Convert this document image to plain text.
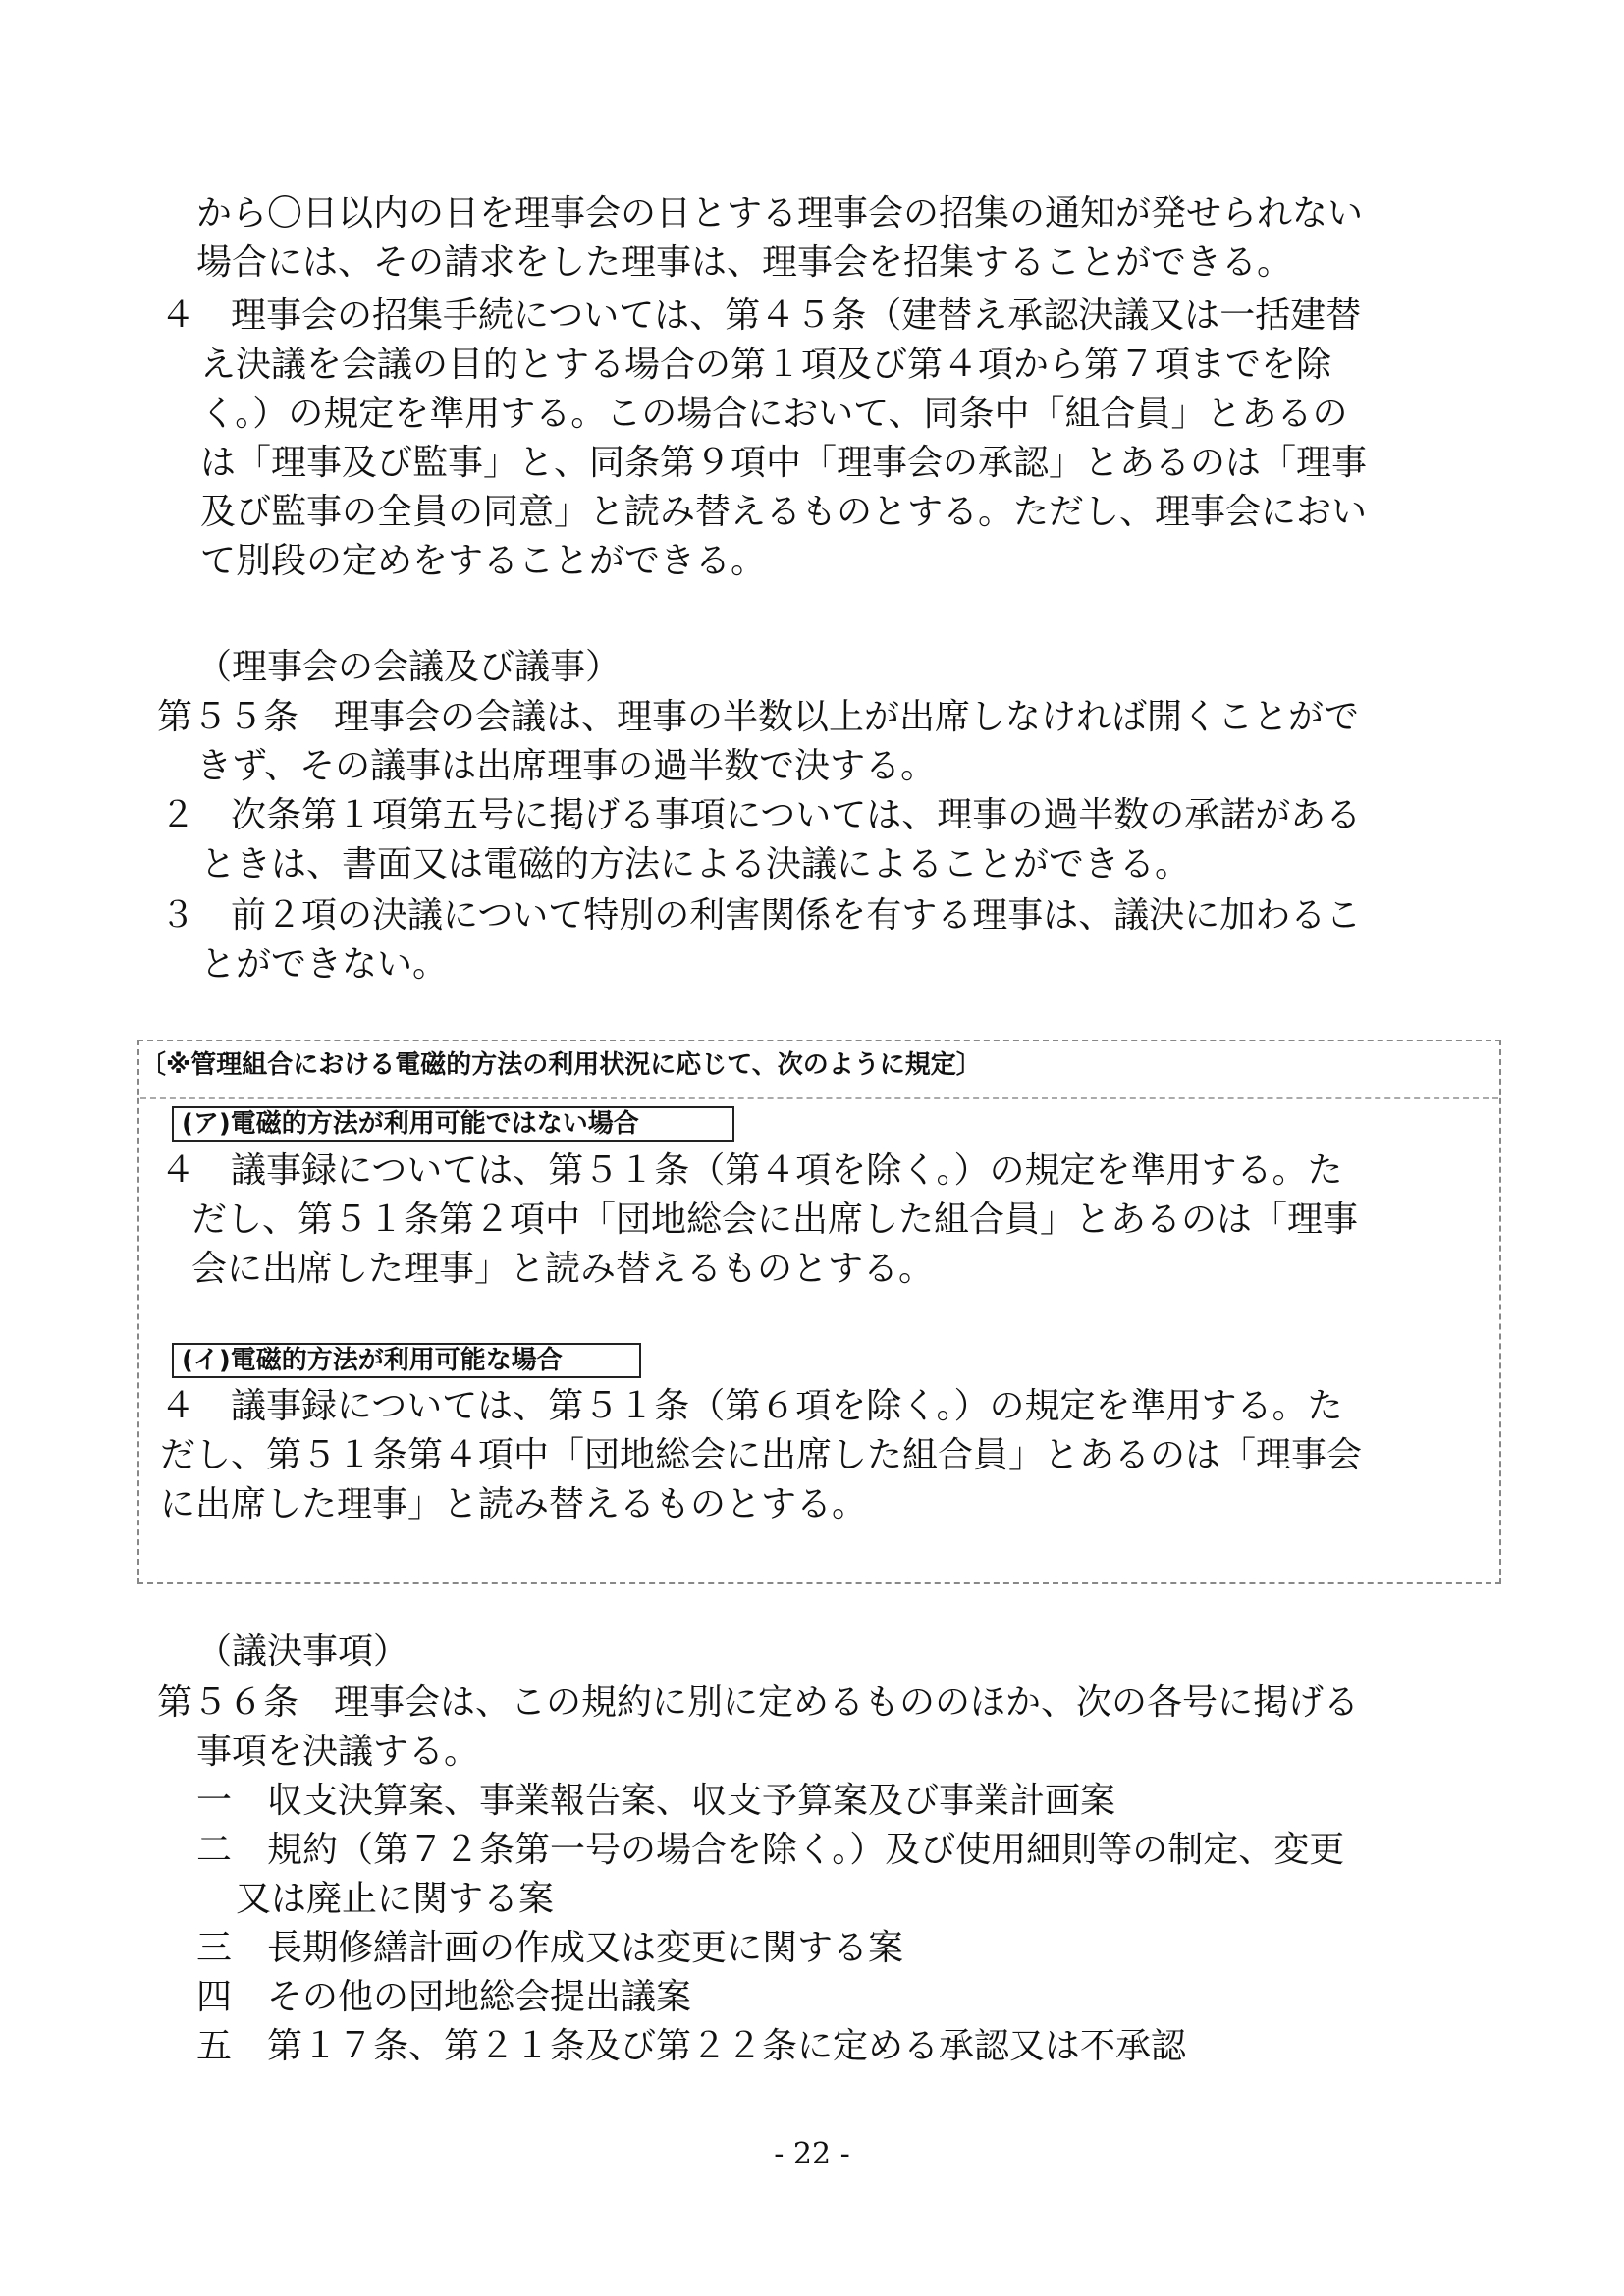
から〇日以内の日を理事会の日とする理事会の招集の通知が発せられない
場合には、その請求をした理事は、理事会を招集することができる。
４　理事会の招集手続については、第４５条（建替え承認決議又は一括建替
え決議を会議の目的とする場合の第１項及び第４項から第７項までを除
く。）の規定を準用する。この場合において、同条中「組合員」とあるの
は「理事及び監事」と、同条第９項中「理事会の承認」とあるのは「理事
及び監事の全員の同意」と読み替えるものとする。ただし、理事会におい
て別段の定めをすることができる。
（理事会の会議及び議事）
第５５条　理事会の会議は、理事の半数以上が出席しなければ開くことがで
きず、その議事は出席理事の過半数で決する。
２　次条第１項第五号に掲げる事項については、理事の過半数の承諾がある
ときは、書面又は電磁的方法による決議によることができる。
３　前２項の決議について特別の利害関係を有する理事は、議決に加わるこ
とができない。
〔※管理組合における電磁的方法の利用状況に応じて、次のように規定〕
(ア)電磁的方法が利用可能ではない場合
４　議事録については、第５１条（第４項を除く。）の規定を準用する。た
だし、第５１条第２項中「団地総会に出席した組合員」とあるのは「理事
会に出席した理事」と読み替えるものとする。
(イ)電磁的方法が利用可能な場合
４　議事録については、第５１条（第６項を除く。）の規定を準用する。た
だし、第５１条第４項中「団地総会に出席した組合員」とあるのは「理事会
に出席した理事」と読み替えるものとする。
（議決事項）
第５６条　理事会は、この規約に別に定めるもののほか、次の各号に掲げる
事項を決議する。
一　収支決算案、事業報告案、収支予算案及び事業計画案
二　規約（第７２条第一号の場合を除く。）及び使用細則等の制定、変更
又は廃止に関する案
三　長期修繕計画の作成又は変更に関する案
四　その他の団地総会提出議案
五　第１７条、第２１条及び第２２条に定める承認又は不承認
- 22 -
